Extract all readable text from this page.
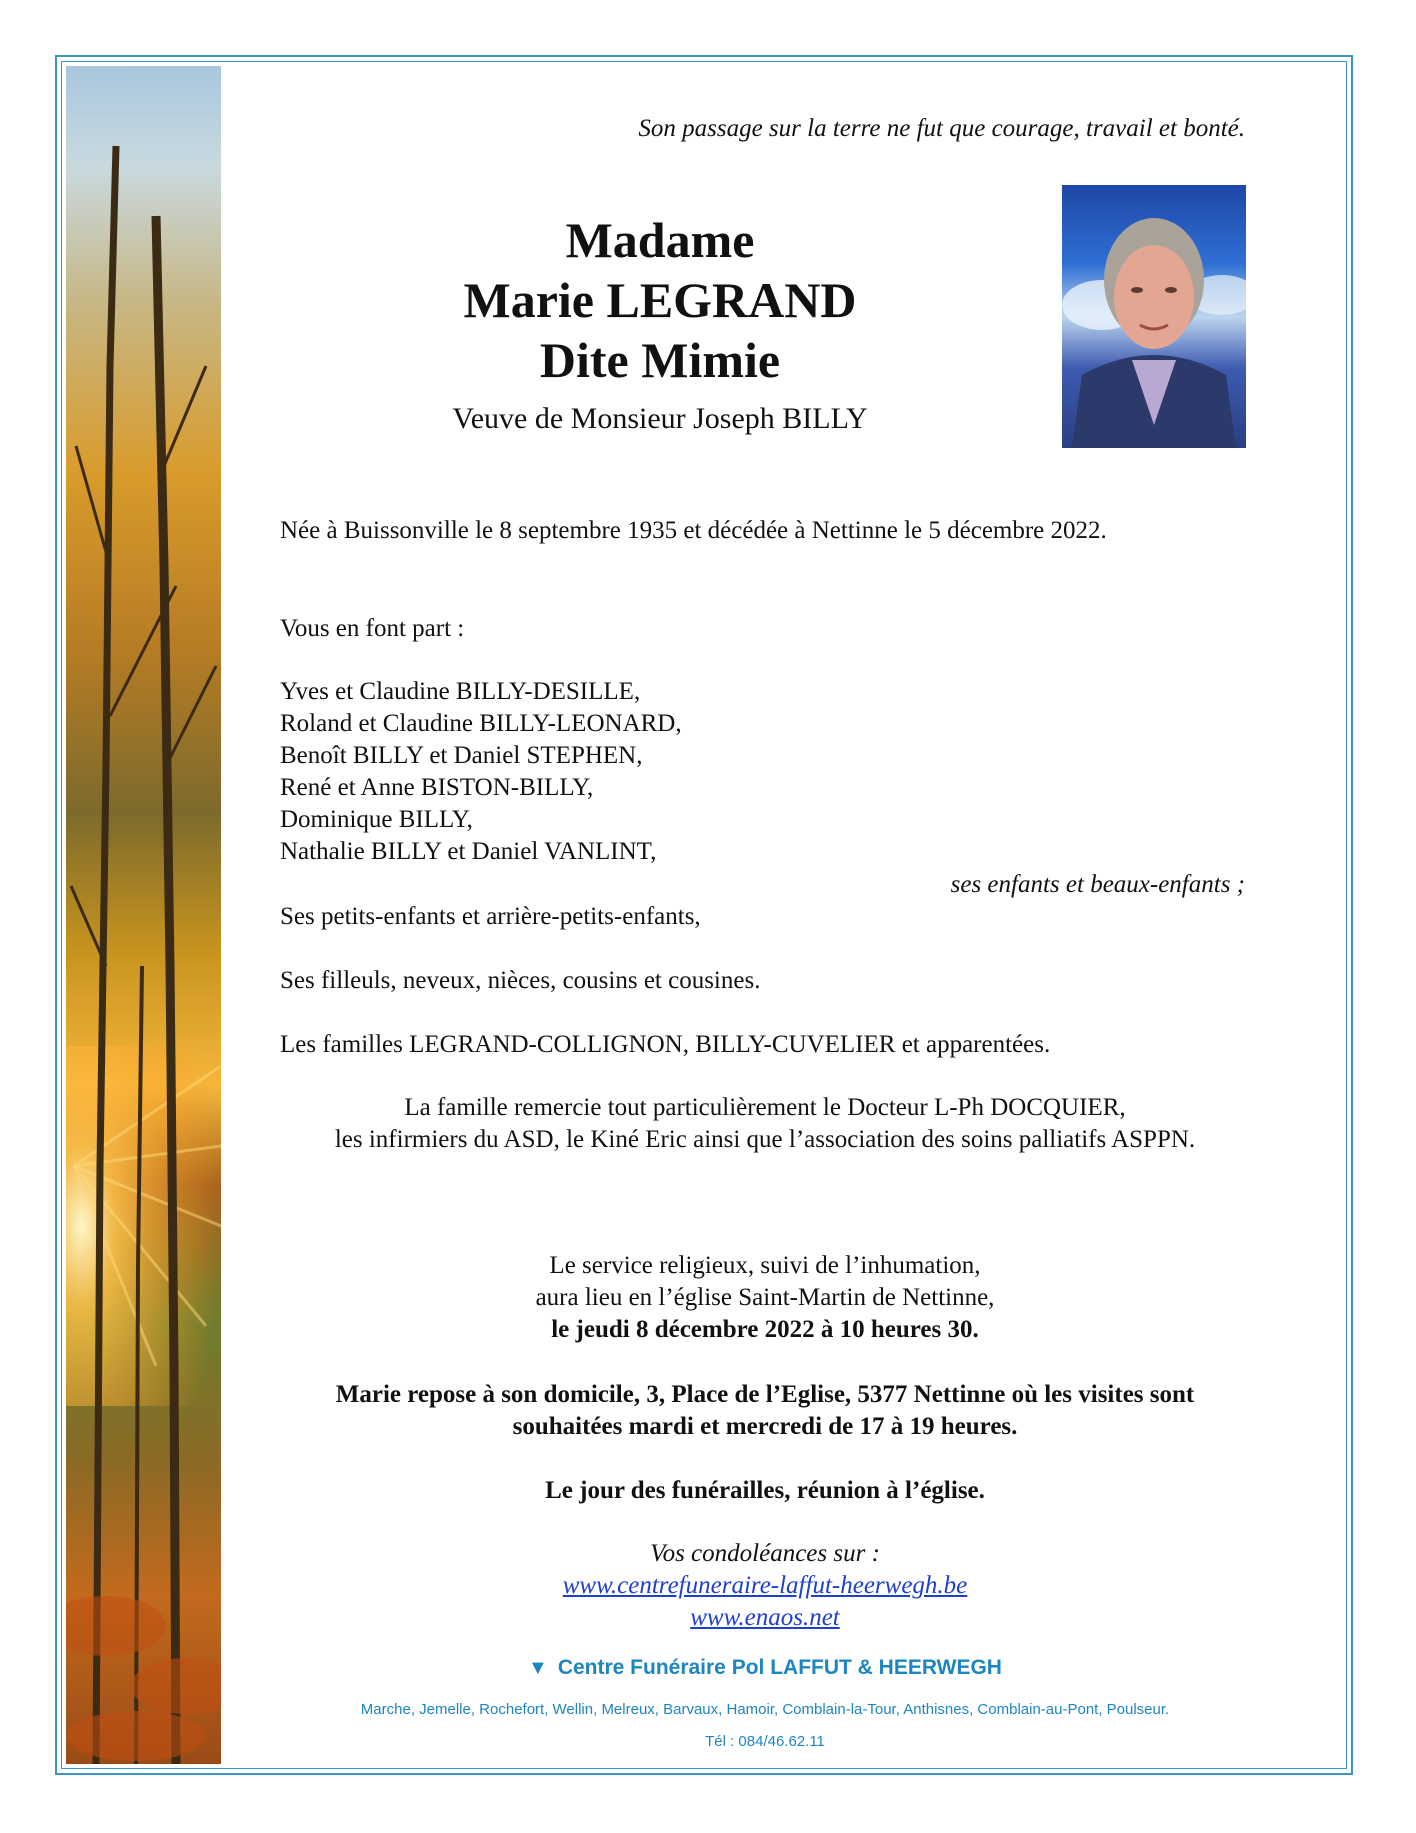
Son passage sur la terre ne fut que courage, travail et bonté.
Madame
Marie LEGRAND
Dite Mimie
Veuve de Monsieur Joseph BILLY
Née à Buissonville le 8 septembre 1935 et décédée à Nettinne le 5 décembre 2022.
Vous en font part :
Yves et Claudine BILLY-DESILLE,
Roland et Claudine BILLY-LEONARD,
Benoît BILLY et Daniel STEPHEN,
René et Anne BISTON-BILLY,
Dominique BILLY,
Nathalie BILLY et Daniel VANLINT,
ses enfants et beaux-enfants ;
Ses petits-enfants et arrière-petits-enfants,
Ses filleuls, neveux, nièces, cousins et cousines.
Les familles LEGRAND-COLLIGNON, BILLY-CUVELIER et apparentées.
La famille remercie tout particulièrement le Docteur L-Ph DOCQUIER,
les infirmiers du ASD, le Kiné Eric ainsi que l’association des soins palliatifs ASPPN.
Le service religieux, suivi de l’inhumation,
aura lieu en l’église Saint-Martin de Nettinne,
le jeudi 8 décembre 2022 à 10 heures 30.
Marie repose à son domicile, 3, Place de l’Eglise, 5377 Nettinne où les visites sont
souhaitées mardi et mercredi de 17 à 19 heures.
Le jour des funérailles, réunion à l’église.
Vos condoléances sur :
www.centrefuneraire-laffut-heerwegh.be
www.enaos.net
▼ Centre Funéraire Pol LAFFUT & HEERWEGH
Marche, Jemelle, Rochefort, Wellin, Melreux, Barvaux, Hamoir, Comblain-la-Tour, Anthisnes, Comblain-au-Pont, Poulseur.
Tél : 084/46.62.11
